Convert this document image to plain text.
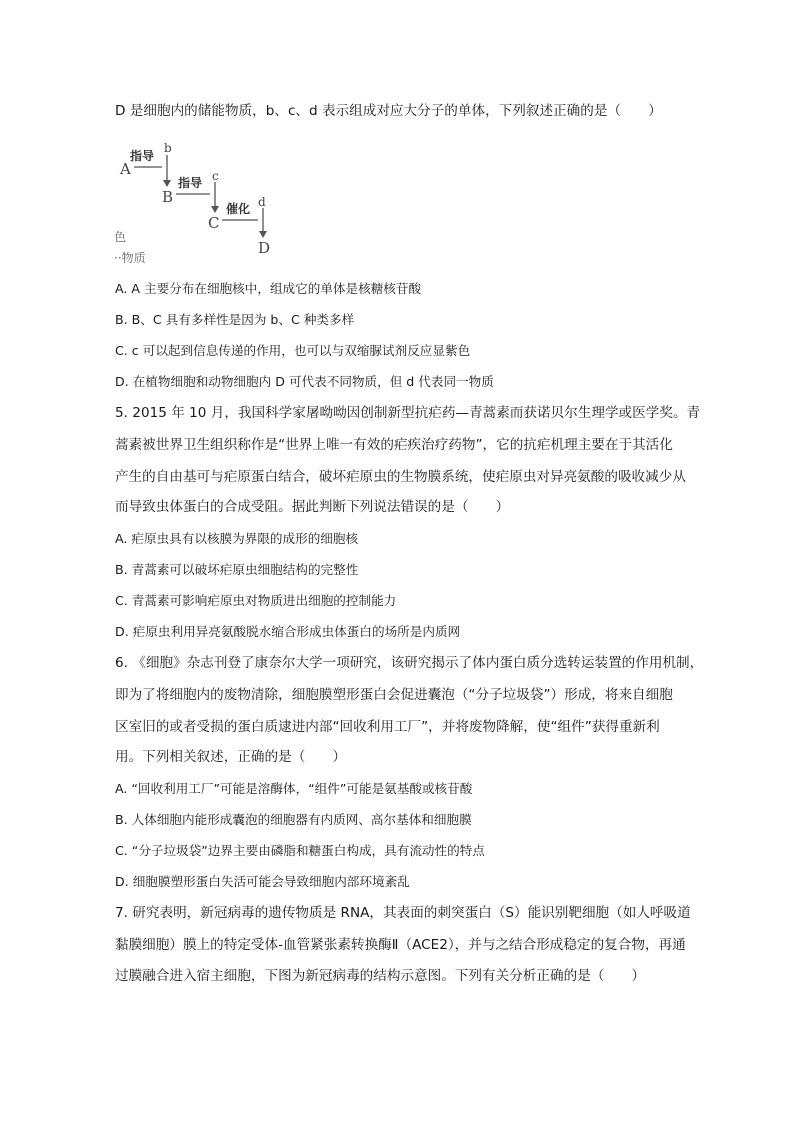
D 是细胞内的储能物质，b、c、d 表示组成对应大分子的单体，下列叙述正确的是（　　）
A
指导
b
B
指导 c
C
催化 d
D
色
··物质
A. A 主要分布在细胞核中，组成它的单体是核糖核苷酸
B. B、C 具有多样性是因为 b、C 种类多样
C. c 可以起到信息传递的作用，也可以与双缩脲试剂反应显紫色
D. 在植物细胞和动物细胞内 D 可代表不同物质，但 d 代表同一物质
5. 2015 年 10 月，我国科学家屠呦呦因创制新型抗疟药—青蒿素而获诺贝尔生理学或医学奖。青
蒿素被世界卫生组织称作是“世界上唯一有效的疟疾治疗药物”，它的抗疟机理主要在于其活化
产生的自由基可与疟原蛋白结合，破坏疟原虫的生物膜系统，使疟原虫对异亮氨酸的吸收减少从
而导致虫体蛋白的合成受阻。据此判断下列说法错误的是（　　）
A. 疟原虫具有以核膜为界限的成形的细胞核
B. 青蒿素可以破坏疟原虫细胞结构的完整性
C. 青蒿素可影响疟原虫对物质进出细胞的控制能力
D. 疟原虫利用异亮氨酸脱水缩合形成虫体蛋白的场所是内质网
6. 《细胞》杂志刊登了康奈尔大学一项研究，该研究揭示了体内蛋白质分选转运装置的作用机制，
即为了将细胞内的废物清除，细胞膜塑形蛋白会促进囊泡（“分子垃圾袋”）形成，将来自细胞
区室旧的或者受损的蛋白质逮进内部“回收利用工厂”，并将废物降解，使“组件”获得重新利
用。下列相关叙述，正确的是（　　）
A. “回收利用工厂”可能是溶酶体，“组件”可能是氨基酸或核苷酸
B. 人体细胞内能形成囊泡的细胞器有内质网、高尔基体和细胞膜
C. “分子垃圾袋”边界主要由磷脂和糖蛋白构成，具有流动性的特点
D. 细胞膜塑形蛋白失活可能会导致细胞内部环境紊乱
7. 研究表明，新冠病毒的遗传物质是 RNA，其表面的刺突蛋白（S）能识别靶细胞（如人呼吸道
黏膜细胞）膜上的特定受体-血管紧张素转换酶Ⅱ（ACE2），并与之结合形成稳定的复合物，再通
过膜融合进入宿主细胞，下图为新冠病毒的结构示意图。下列有关分析正确的是（　　）
